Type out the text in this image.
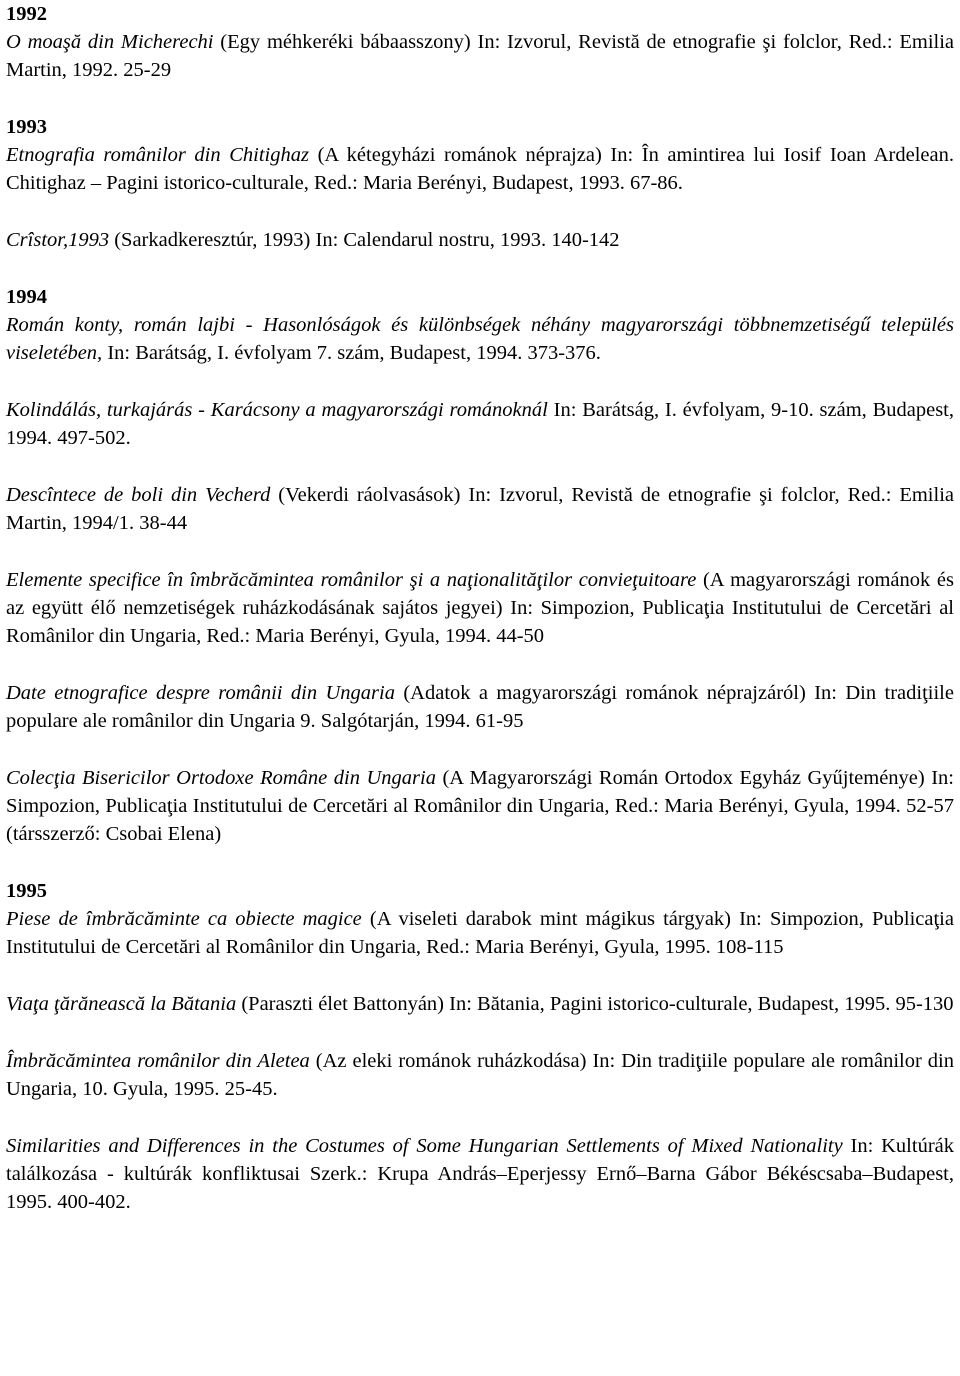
1992

O moaşă din Micherechi (Egy méhkeréki bábaasszony) In: Izvorul, Revistă de etnografie şi folclor, Red.: Emilia Martin, 1992. 25-29

1993

Etnografia românilor din Chitighaz (A kétegyházi románok néprajza) In: În amintirea lui Iosif Ioan Ardelean. Chitighaz – Pagini istorico-culturale, Red.: Maria Berényi, Budapest, 1993. 67-86.

Crîstor,1993 (Sarkadkeresztúr, 1993) In: Calendarul nostru, 1993. 140-142

1994

Román konty, román lajbi - Hasonlóságok és különbségek néhány magyarországi többnemzetiségű település viseletében, In: Barátság, I. évfolyam 7. szám, Budapest, 1994. 373-376.

Kolindálás, turkajárás - Karácsony a magyarországi románoknál In: Barátság, I. évfolyam, 9-10. szám, Budapest, 1994. 497-502.

Descîntece de boli din Vecherd (Vekerdi ráolvasások) In: Izvorul, Revistă de etnografie şi folclor, Red.: Emilia Martin, 1994/1. 38-44

Elemente specifice în îmbrăcămintea românilor şi a naţionalităţilor convieţuitoare (A magyarországi románok és az együtt élő nemzetiségek ruházkodásának sajátos jegyei) In: Simpozion, Publicaţia Institutului de Cercetări al Românilor din Ungaria, Red.: Maria Berényi, Gyula, 1994. 44-50

Date etnografice despre românii din Ungaria (Adatok a magyarországi románok néprajzáról) In: Din tradiţiile populare ale românilor din Ungaria 9. Salgótarján, 1994. 61-95

Colecţia Bisericilor Ortodoxe Române din Ungaria (A Magyarországi Román Ortodox Egyház Gyűjteménye) In: Simpozion, Publicaţia Institutului de Cercetări al Românilor din Ungaria, Red.: Maria Berényi, Gyula, 1994. 52-57 (társszerző: Csobai Elena)

1995

Piese de îmbrăcăminte ca obiecte magice (A viseleti darabok mint mágikus tárgyak) In: Simpozion, Publicaţia Institutului de Cercetări al Românilor din Ungaria, Red.: Maria Berényi, Gyula, 1995. 108-115

Viaţa ţărănească la Bătania (Paraszti élet Battonyán) In: Bătania, Pagini istorico-culturale, Budapest, 1995. 95-130

Îmbrăcămintea românilor din Aletea (Az eleki románok ruházkodása) In: Din tradiţiile populare ale românilor din Ungaria, 10. Gyula, 1995. 25-45.

Similarities and Differences in the Costumes of Some Hungarian Settlements of Mixed Nationality In: Kultúrák találkozása - kultúrák konfliktusai Szerk.: Krupa András–Eperjessy Ernő–Barna Gábor Békéscsaba–Budapest, 1995. 400-402.
